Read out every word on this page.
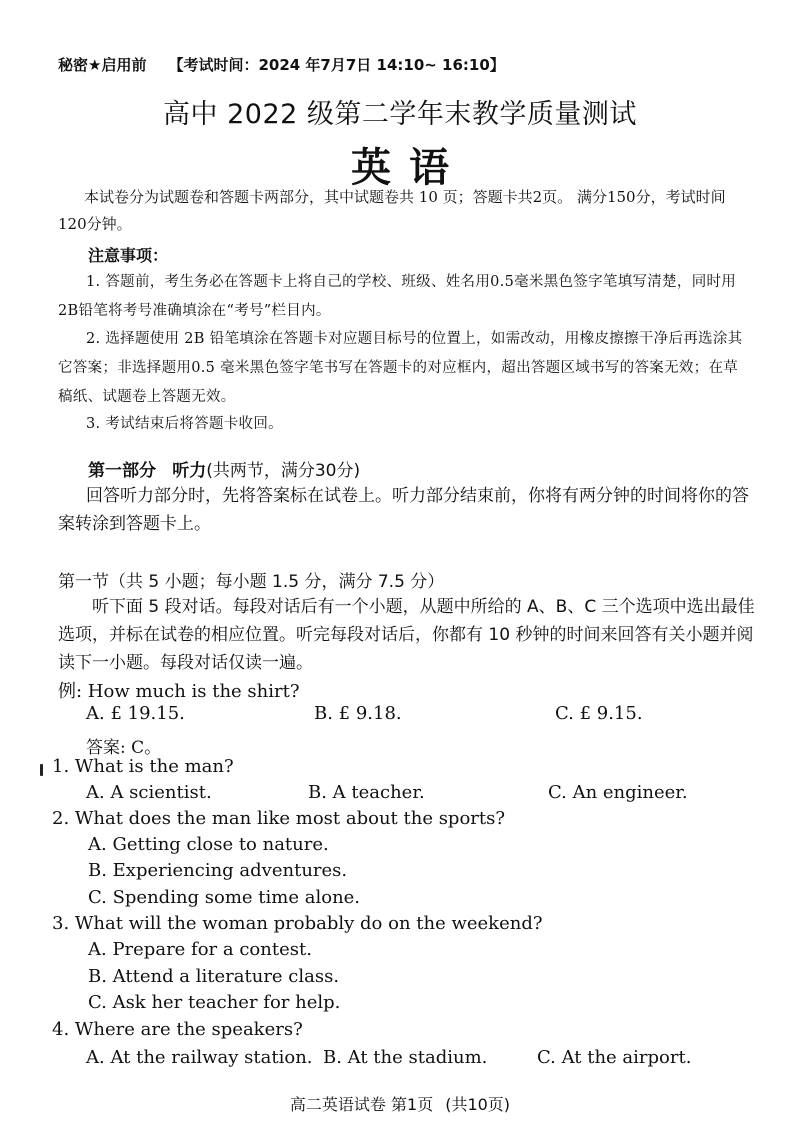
秘密★启用前 【考试时间：2024 年7月7日 14:10~ 16:10】
高中 2022 级第二学年末教学质量测试
英语
本试卷分为试题卷和答题卡两部分，其中试题卷共 10 页；答题卡共2页。 满分150分，考试时间120分钟。
注意事项：
1. 答题前，考生务必在答题卡上将自己的学校、班级、姓名用0.5毫米黑色签字笔填写清楚，同时用2B铅笔将考号准确填涂在“考号”栏目内。
2. 选择题使用 2B 铅笔填涂在答题卡对应题目标号的位置上，如需改动，用橡皮擦擦干净后再选涂其它答案；非选择题用0.5 毫米黑色签字笔书写在答题卡的对应框内，超出答题区域书写的答案无效；在草稿纸、试题卷上答题无效。
3. 考试结束后将答题卡收回。
第一部分 听力(共两节，满分30分)
回答听力部分时，先将答案标在试卷上。听力部分结束前，你将有两分钟的时间将你的答案转涂到答题卡上。
第一节（共 5 小题；每小题 1.5 分，满分 7.5 分）
听下面 5 段对话。每段对话后有一个小题，从题中所给的 A、B、C 三个选项中选出最佳选项，并标在试卷的相应位置。听完每段对话后，你都有 10 秒钟的时间来回答有关小题并阅读下一小题。每段对话仅读一遍。
例: How much is the shirt?
A. £ 19.15.	B. £ 9.18.	C. £ 9.15.
答案: C。
1. What is the man?
A. A scientist.	B. A teacher.	C. An engineer.
2. What does the man like most about the sports?
A. Getting close to nature.
B. Experiencing adventures.
C. Spending some time alone.
3. What will the woman probably do on the weekend?
A. Prepare for a contest.
B. Attend a literature class.
C. Ask her teacher for help.
4. Where are the speakers?
A. At the railway station. B. At the stadium.	C. At the airport.
高二英语试卷 第1页 (共10页)
